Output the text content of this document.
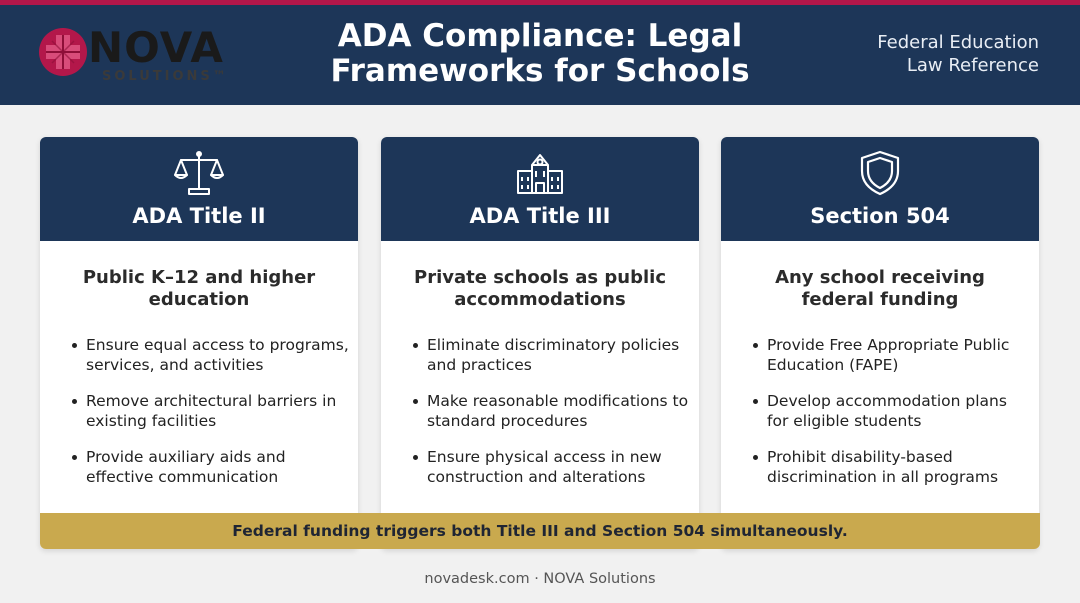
NOVA
SOLUTIONS™
ADA Compliance: Legal
Frameworks for Schools
Federal Education
Law Reference
ADA Title II
Public K–12 and higher education
Ensure equal access to programs, services, and activities
Remove architectural barriers in existing facilities
Provide auxiliary aids and effective communication
ADA Title III
Private schools as public accommodations
Eliminate discriminatory policies and practices
Make reasonable modifications to standard procedures
Ensure physical access in new construction and alterations
Section 504
Any school receiving federal funding
Provide Free Appropriate Public Education (FAPE)
Develop accommodation plans for eligible students
Prohibit disability-based discrimination in all programs
Federal funding triggers both Title III and Section 504 simultaneously.
novadesk.com · NOVA Solutions
